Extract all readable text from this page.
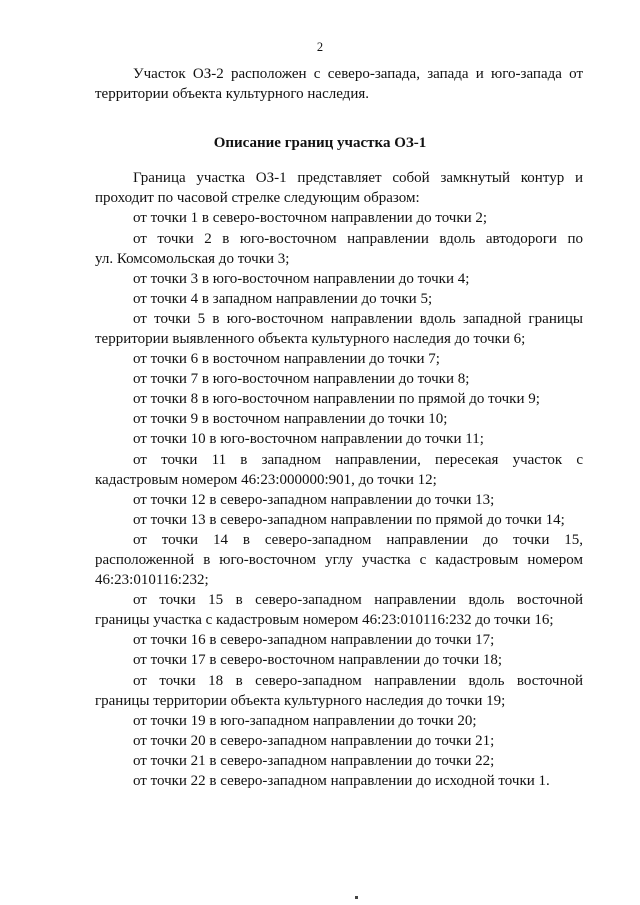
2
Участок ОЗ-2 расположен с северо-запада, запада и юго-запада от
территории объекта культурного наследия.
Описание границ участка ОЗ-1
Граница участка ОЗ-1 представляет собой замкнутый контур и
проходит по часовой стрелке следующим образом:
от точки 1 в северо-восточном направлении до точки 2;
от точки 2 в юго-восточном направлении вдоль автодороги по
ул. Комсомольская до точки 3;
от точки 3 в юго-восточном направлении до точки 4;
от точки 4 в западном направлении до точки 5;
от точки 5 в юго-восточном направлении вдоль западной границы
территории выявленного объекта культурного наследия до точки 6;
от точки 6 в восточном направлении до точки 7;
от точки 7 в юго-восточном направлении до точки 8;
от точки 8 в юго-восточном направлении по прямой до точки 9;
от точки 9 в восточном направлении до точки 10;
от точки 10 в юго-восточном направлении до точки 11;
от точки 11 в западном направлении, пересекая участок с
кадастровым номером 46:23:000000:901, до точки 12;
от точки 12 в северо-западном направлении до точки 13;
от точки 13 в северо-западном направлении по прямой до точки 14;
от точки 14 в северо-западном направлении до точки 15,
расположенной в юго-восточном углу участка с кадастровым номером
46:23:010116:232;
от точки 15 в северо-западном направлении вдоль восточной
границы участка с кадастровым номером 46:23:010116:232 до точки 16;
от точки 16 в северо-западном направлении до точки 17;
от точки 17 в северо-восточном направлении до точки 18;
от точки 18 в северо-западном направлении вдоль восточной
границы территории объекта культурного наследия до точки 19;
от точки 19 в юго-западном направлении до точки 20;
от точки 20 в северо-западном направлении до точки 21;
от точки 21 в северо-западном направлении до точки 22;
от точки 22 в северо-западном направлении до исходной точки 1.
